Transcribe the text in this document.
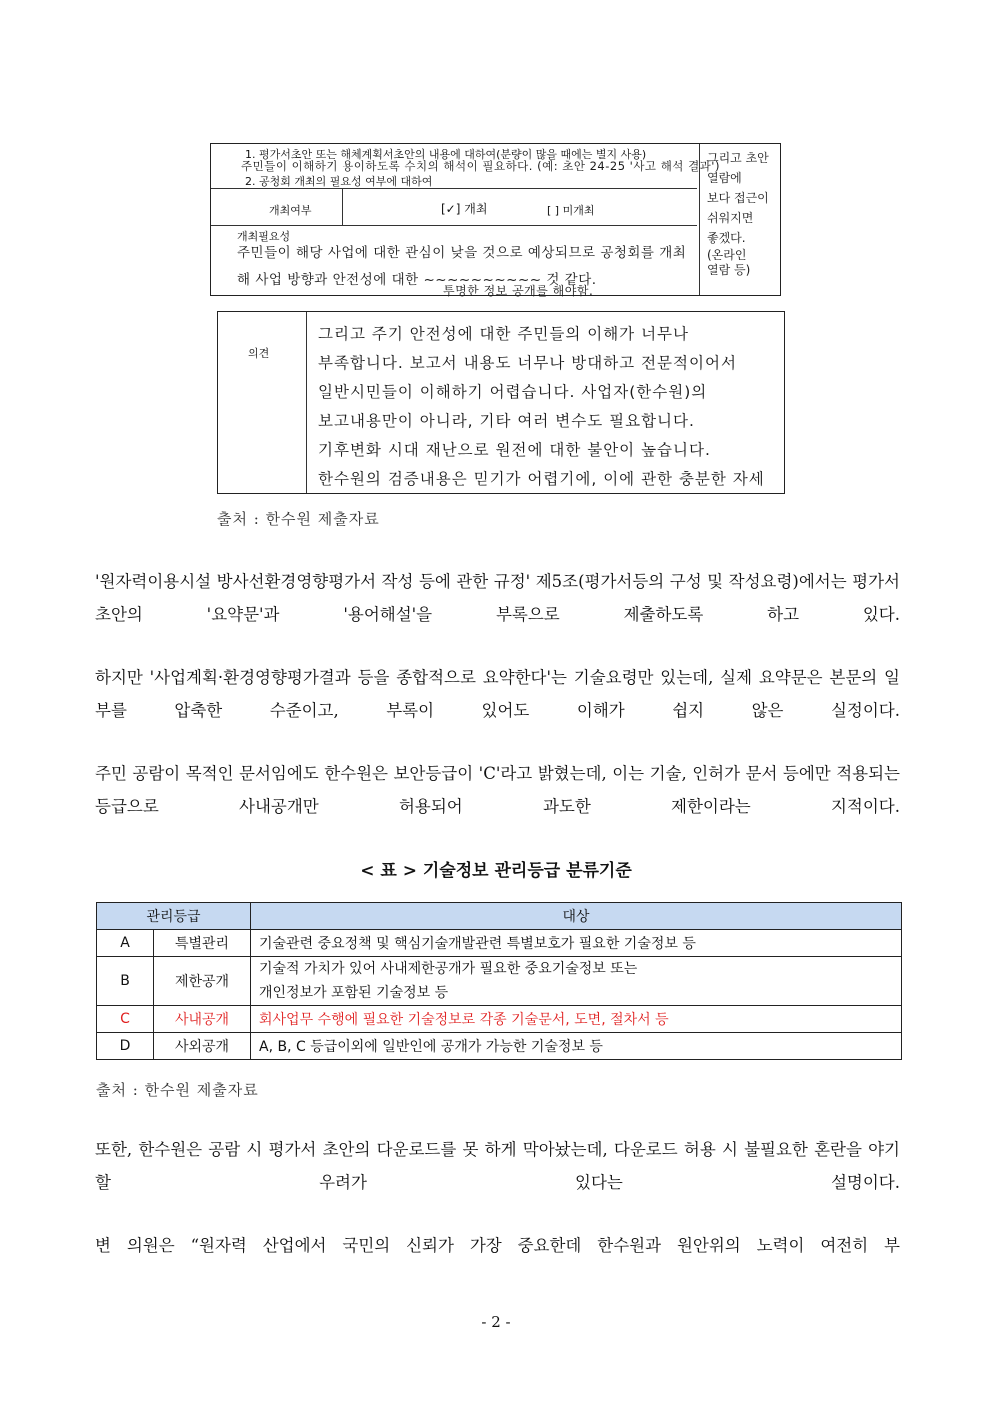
1. 평가서초안 또는 해체계획서초안의 내용에 대하여(분량이 많을 때에는 별지 사용)
주민들이 이해하기 용이하도록 수치의 해석이 필요하다. (예: 초안 24-25 '사고 해석 결과')
2. 공청회 개최의 필요성 여부에 대하여
개최여부	[✓] 개최	[ ] 미개최
개최필요성
주민들이 해당 사업에 대한 관심이 낮을 것으로 예상되므로 공청회를 개최
해 사업 방향과 안전성에 대한 ~~~~~~~~~~ 것 같다.
투명한 정보 공개를 해야함.
그리고 초안
열람에
보다 접근이
쉬워지면
좋겠다.
(온라인
열람 등)
의견
그리고 주기 안전성에 대한 주민들의 이해가 너무나
부족합니다. 보고서 내용도 너무나 방대하고 전문적이어서
일반시민들이 이해하기 어렵습니다. 사업자(한수원)의
보고내용만이 아니라, 기타 여러 변수도 필요합니다.
기후변화 시대 재난으로 원전에 대한 불안이 높습니다.
한수원의 검증내용은 믿기가 어렵기에, 이에 관한 충분한 자세
출처 : 한수원 제출자료
'원자력이용시설 방사선환경영향평가서 작성 등에 관한 규정' 제5조(평가서등의 구성 및 작성요령)에서는 평가서 초안의 '요약문'과 '용어해설'을 부록으로 제출하도록 하고 있다.
하지만 '사업계획·환경영향평가결과 등을 종합적으로 요약한다'는 기술요령만 있는데, 실제 요약문은 본문의 일부를 압축한 수준이고, 부록이 있어도 이해가 쉽지 않은 실정이다.
주민 공람이 목적인 문서임에도 한수원은 보안등급이 'C'라고 밝혔는데, 이는 기술, 인허가 문서 등에만 적용되는 등급으로 사내공개만 허용되어 과도한 제한이라는 지적이다.
< 표 > 기술정보 관리등급 분류기준
관리등급		대상
A	특별관리	기술관련 중요정책 및 핵심기술개발관련 특별보호가 필요한 기술정보 등
B	제한공개	기술적 가치가 있어 사내제한공개가 필요한 중요기술정보 또는
개인정보가 포함된 기술정보 등

C	사내공개	회사업무 수행에 필요한 기술정보로 각종 기술문서, 도면, 절차서 등
D	사외공개	A, B, C 등급이외에 일반인에 공개가 가능한 기술정보 등
출처 : 한수원 제출자료
또한, 한수원은 공람 시 평가서 초안의 다운로드를 못 하게 막아놨는데, 다운로드 허용 시 불필요한 혼란을 야기할 우려가 있다는 설명이다.
변 의원은 “원자력 산업에서 국민의 신뢰가 가장 중요한데 한수원과 원안위의 노력이 여전히 부
- 2 -
